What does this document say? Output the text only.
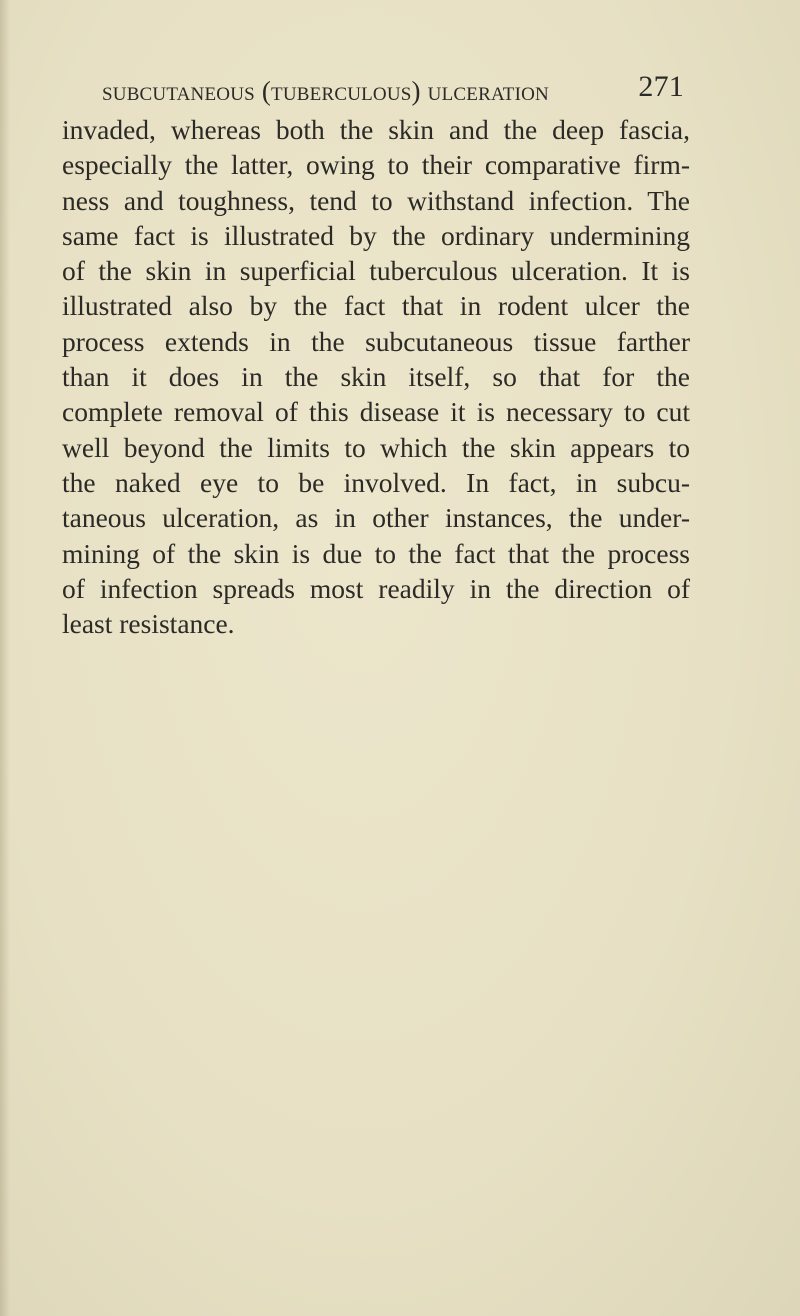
subcutaneous (tuberculous) ulceration	271
invaded, whereas both the skin and the deep fascia,
especially the latter, owing to their comparative firm-
ness and toughness, tend to withstand infection. The
same fact is illustrated by the ordinary undermining
of the skin in superficial tuberculous ulceration. It is
illustrated also by the fact that in rodent ulcer the
process extends in the subcutaneous tissue farther
than it does in the skin itself, so that for the
complete removal of this disease it is necessary to cut
well beyond the limits to which the skin appears to
the naked eye to be involved. In fact, in subcu-
taneous ulceration, as in other instances, the under-
mining of the skin is due to the fact that the process
of infection spreads most readily in the direction of
least resistance.
